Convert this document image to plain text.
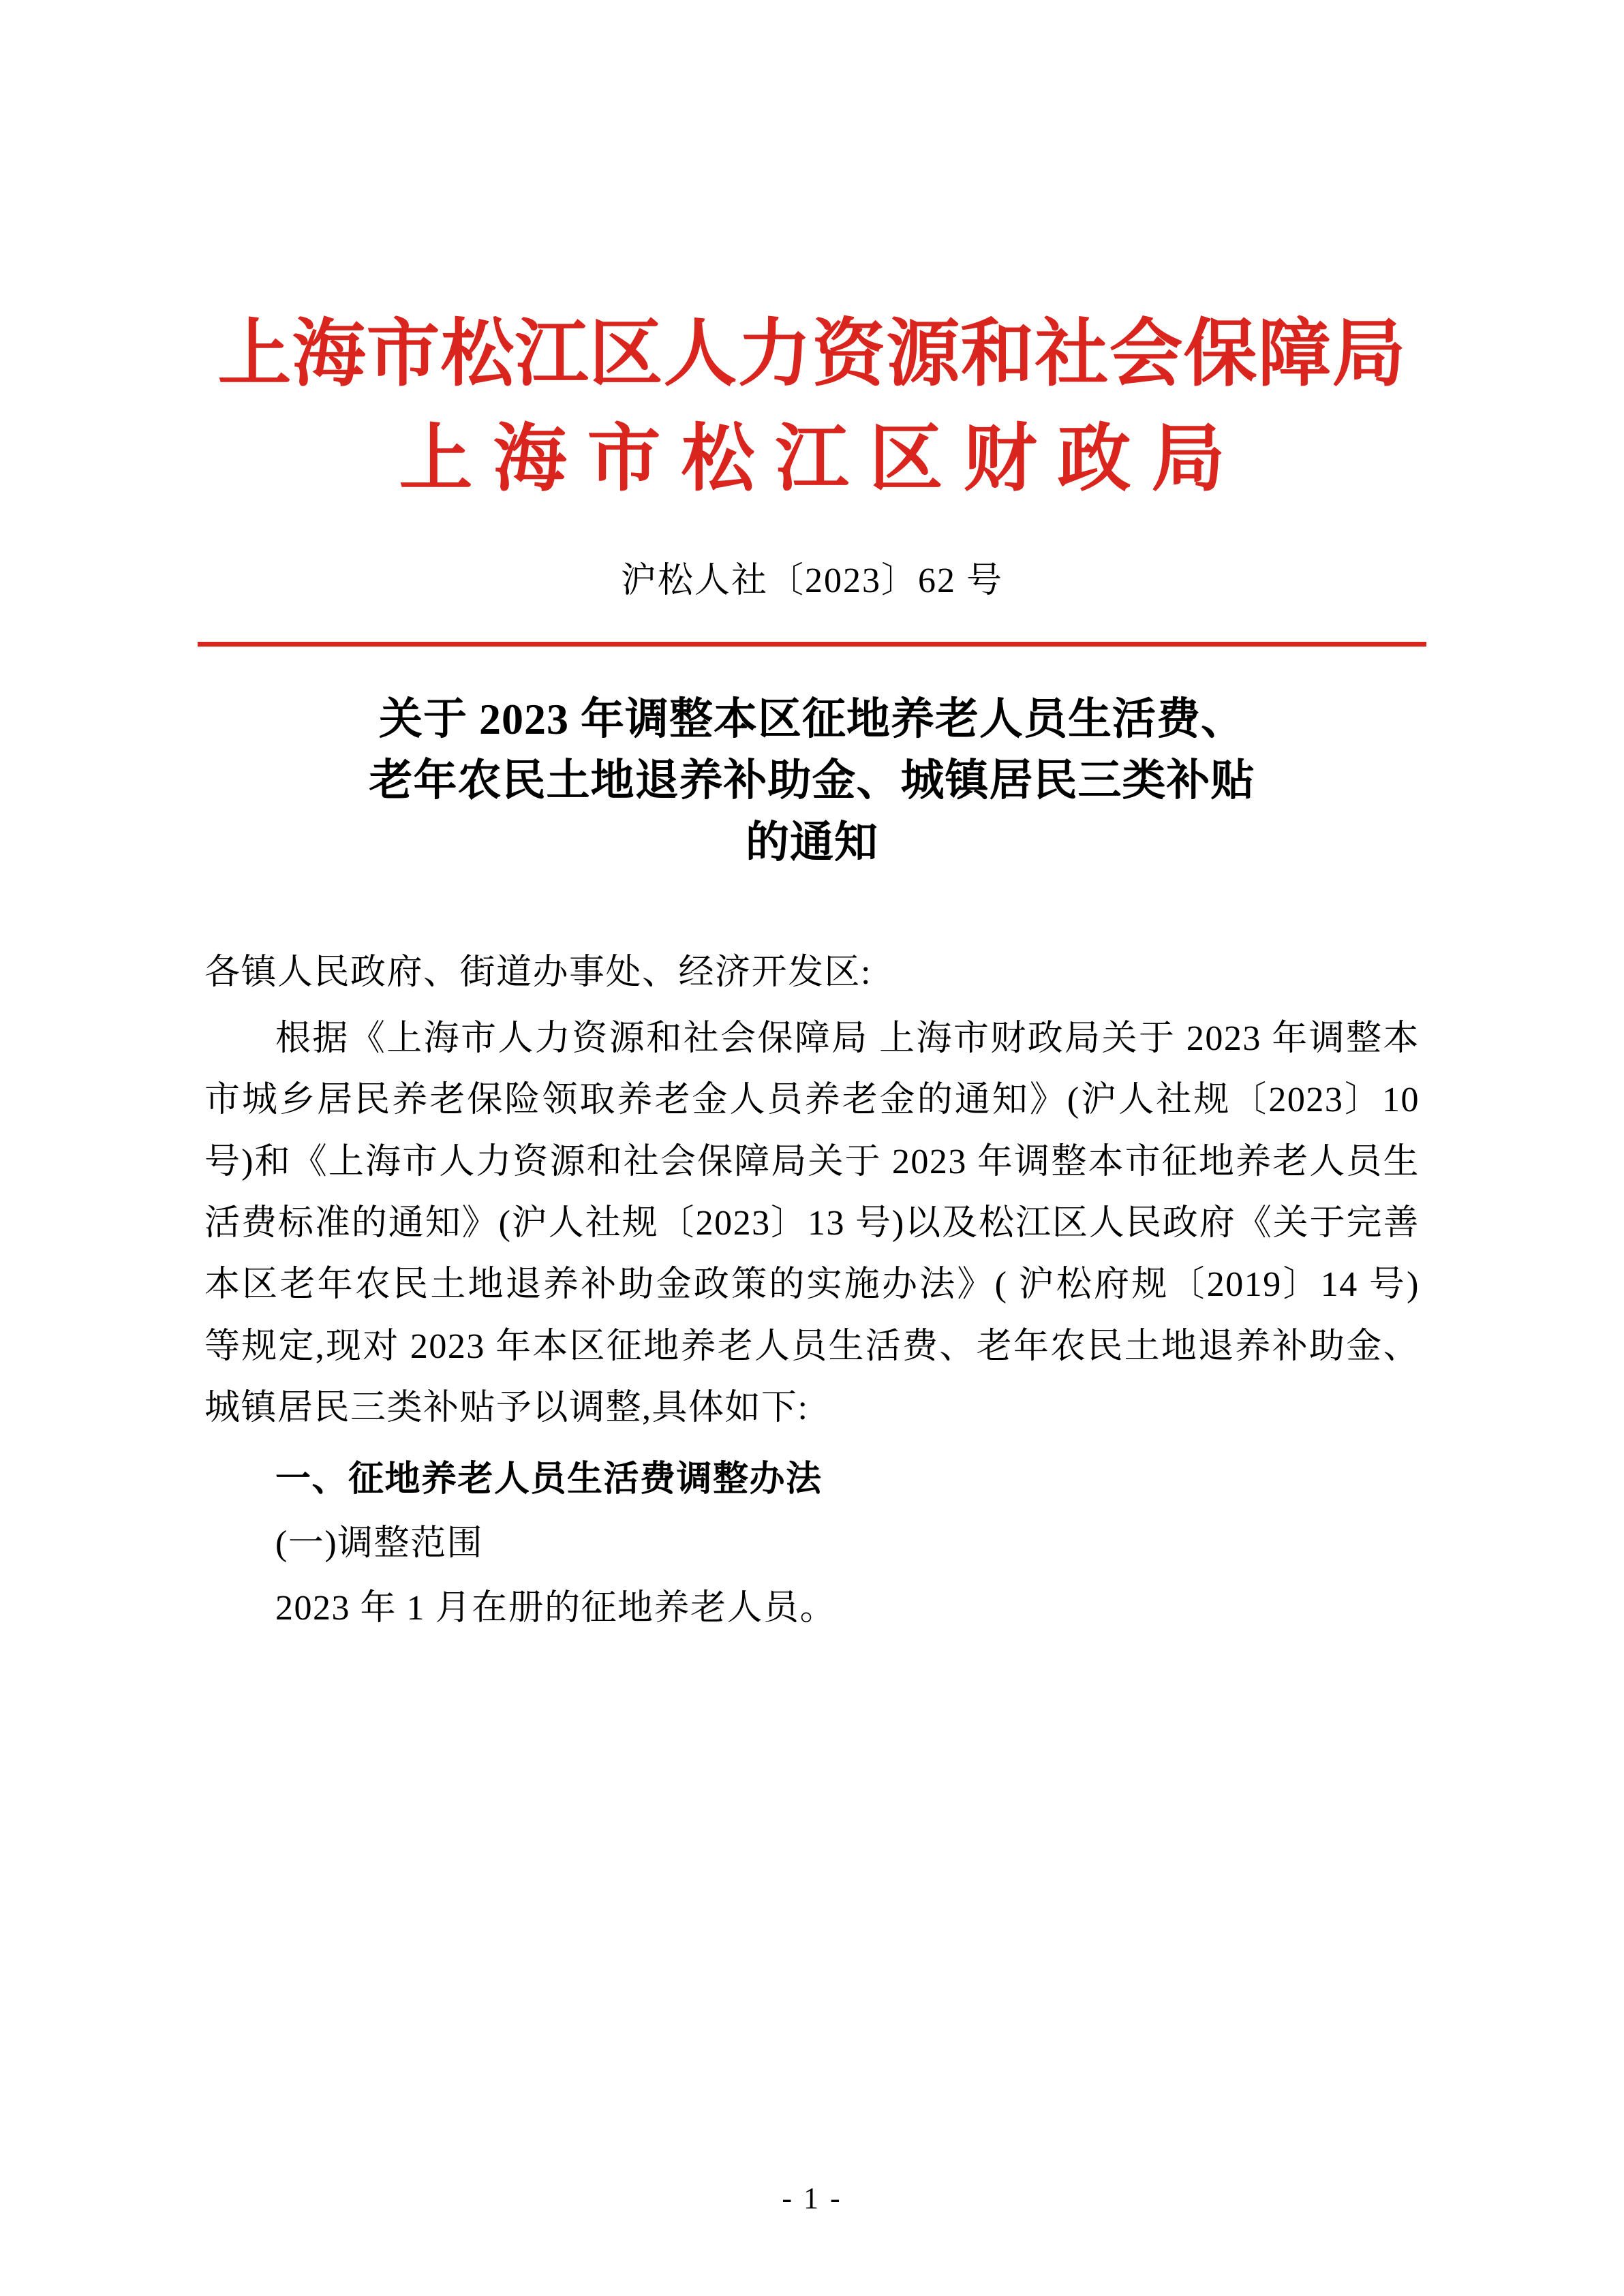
上海市松江区人力资源和社会保障局
上海市松江区财政局
沪松人社〔2023〕62 号
关于 2023 年调整本区征地养老人员生活费、
老年农民土地退养补助金、城镇居民三类补贴
的通知

各镇人民政府、街道办事处、经济开发区:

根据《上海市人力资源和社会保障局 上海市财政局关于 2023 年调整本市城乡居民养老保险领取养老金人员养老金的通知》(沪人社规〔2023〕10 号)和《上海市人力资源和社会保障局关于 2023 年调整本市征地养老人员生活费标准的通知》(沪人社规〔2023〕13 号)以及松江区人民政府《关于完善本区老年农民土地退养补助金政策的实施办法》( 沪松府规〔2019〕14 号)等规定,现对 2023 年本区征地养老人员生活费、老年农民土地退养补助金、城镇居民三类补贴予以调整,具体如下:

一、征地养老人员生活费调整办法

(一)调整范围

2023 年 1 月在册的征地养老人员。

- 1 -
